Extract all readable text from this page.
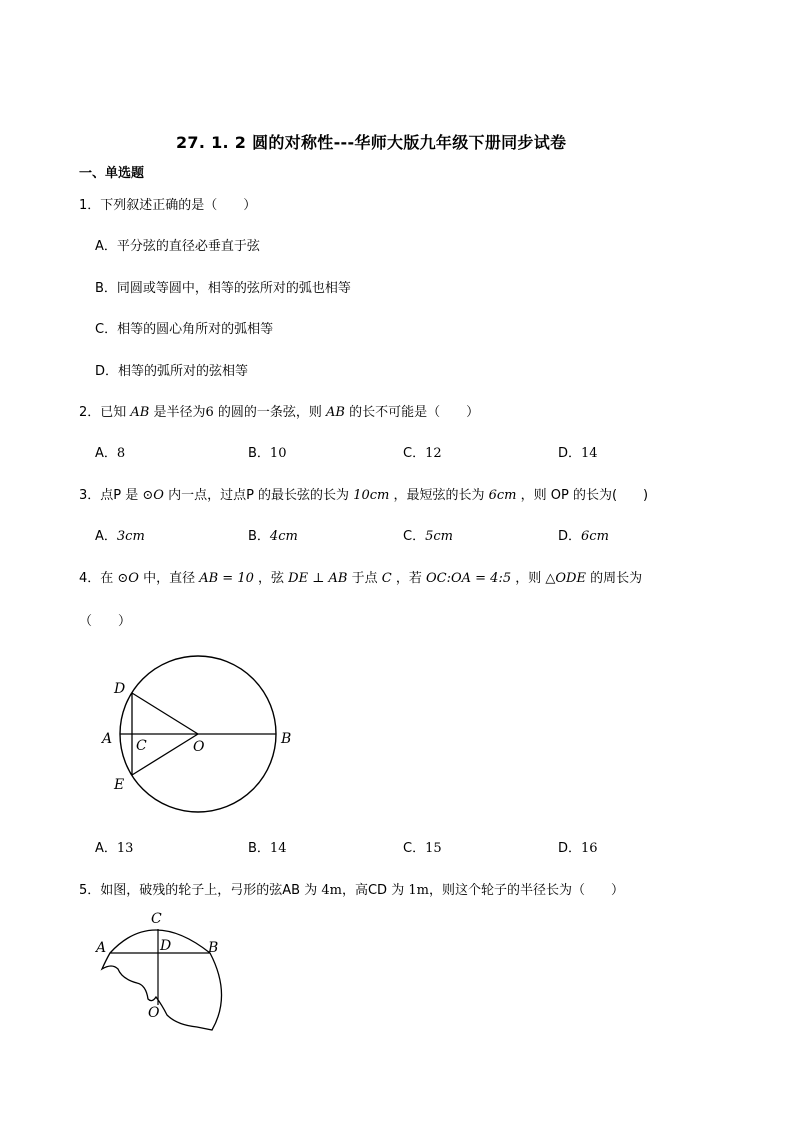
27. 1. 2 圆的对称性---华师大版九年级下册同步试卷
一、单选题
1．下列叙述正确的是（　　）
A．平分弦的直径必垂直于弦
B．同圆或等圆中，相等的弦所对的弧也相等
C．相等的圆心角所对的弧相等
D．相等的弧所对的弦相等
2．已知 AB 是半径为6 的圆的一条弦，则 AB 的长不可能是（　　）
A．8	B．10	C．12	D．14
3．点P 是 ⊙O 内一点，过点P 的最长弦的长为 10cm ，最短弦的长为 6cm ，则 OP 的长为(　　)
A．3cm	B．4cm	C．5cm	D．6cm
4．在 ⊙O 中，直径 AB = 10 ，弦 DE ⊥ AB 于点 C ，若 OC:OA = 4:5 ，则 △ODE 的周长为
（　　）
D
A C	O	B
E
A．13	B．14	C．15	D．16
5．如图，破残的轮子上，弓形的弦AB 为 4m，高CD 为 1m，则这个轮子的半径长为（　　）
C
A	D	B
O
